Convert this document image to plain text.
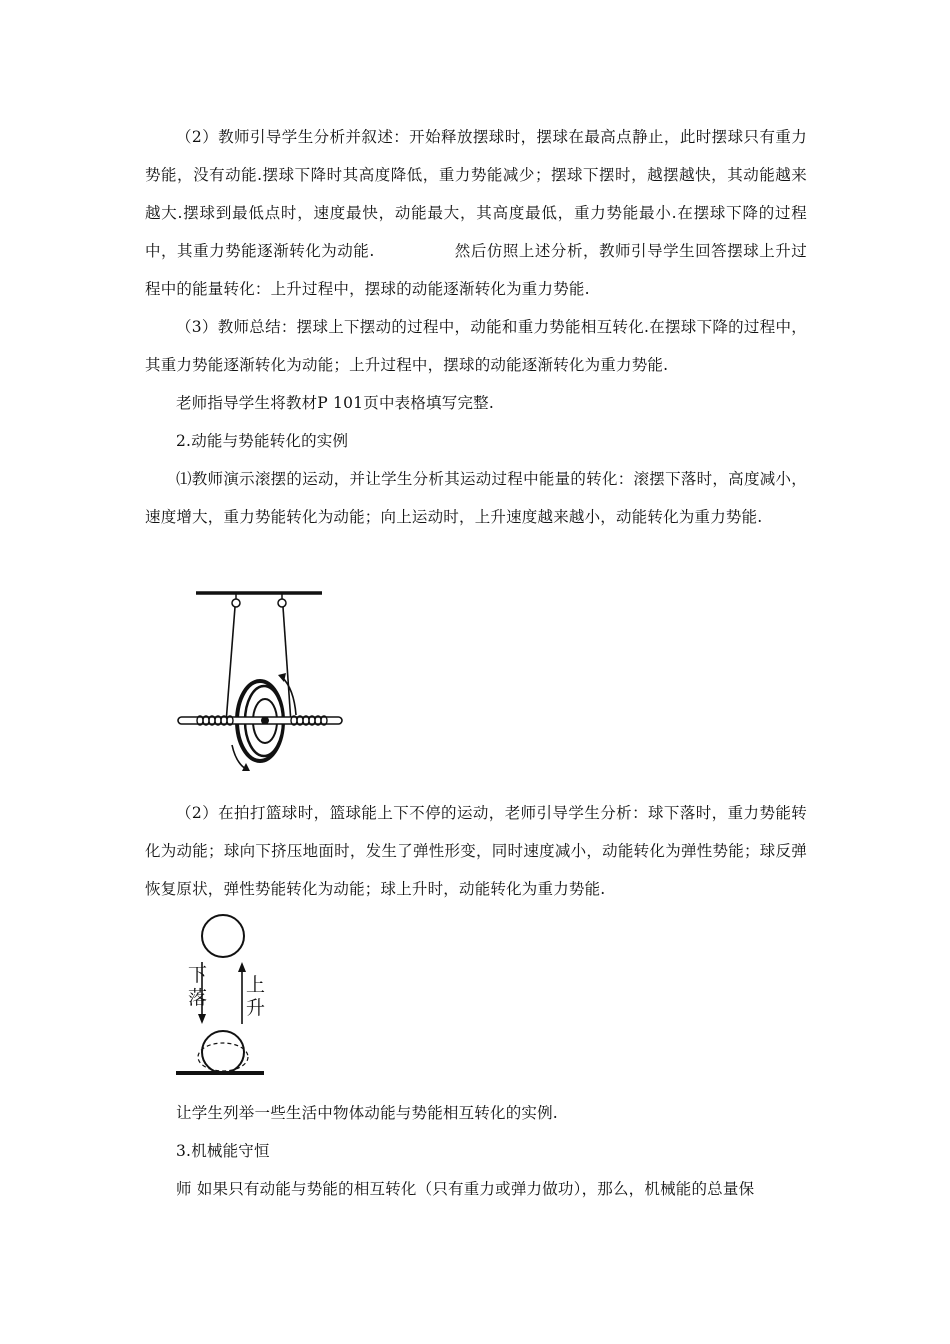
（2）教师引导学生分析并叙述：开始释放摆球时，摆球在最高点静止，此时摆球只有重力势能，没有动能.摆球下降时其高度降低，重力势能减少；摆球下摆时，越摆越快，其动能越来越大.摆球到最低点时，速度最快，动能最大，其高度最低，重力势能最小.在摆球下降的过程中，其重力势能逐渐转化为动能.	然后仿照上述分析，教师引导学生回答摆球上升过程中的能量转化：上升过程中，摆球的动能逐渐转化为重力势能.

（3）教师总结：摆球上下摆动的过程中，动能和重力势能相互转化.在摆球下降的过程中，其重力势能逐渐转化为动能；上升过程中，摆球的动能逐渐转化为重力势能.

老师指导学生将教材P 101页中表格填写完整.

2.动能与势能转化的实例

⑴教师演示滚摆的运动，并让学生分析其运动过程中能量的转化：滚摆下落时，高度减小，速度增大，重力势能转化为动能；向上运动时，上升速度越来越小，动能转化为重力势能.

（2）在拍打篮球时，篮球能上下不停的运动，老师引导学生分析：球下落时，重力势能转化为动能；球向下挤压地面时，发生了弹性形变，同时速度减小，动能转化为弹性势能；球反弹恢复原状，弹性势能转化为动能；球上升时，动能转化为重力势能.

下
落
上
升

让学生列举一些生活中物体动能与势能相互转化的实例.

3.机械能守恒

师 如果只有动能与势能的相互转化（只有重力或弹力做功），那么，机械能的总量保
